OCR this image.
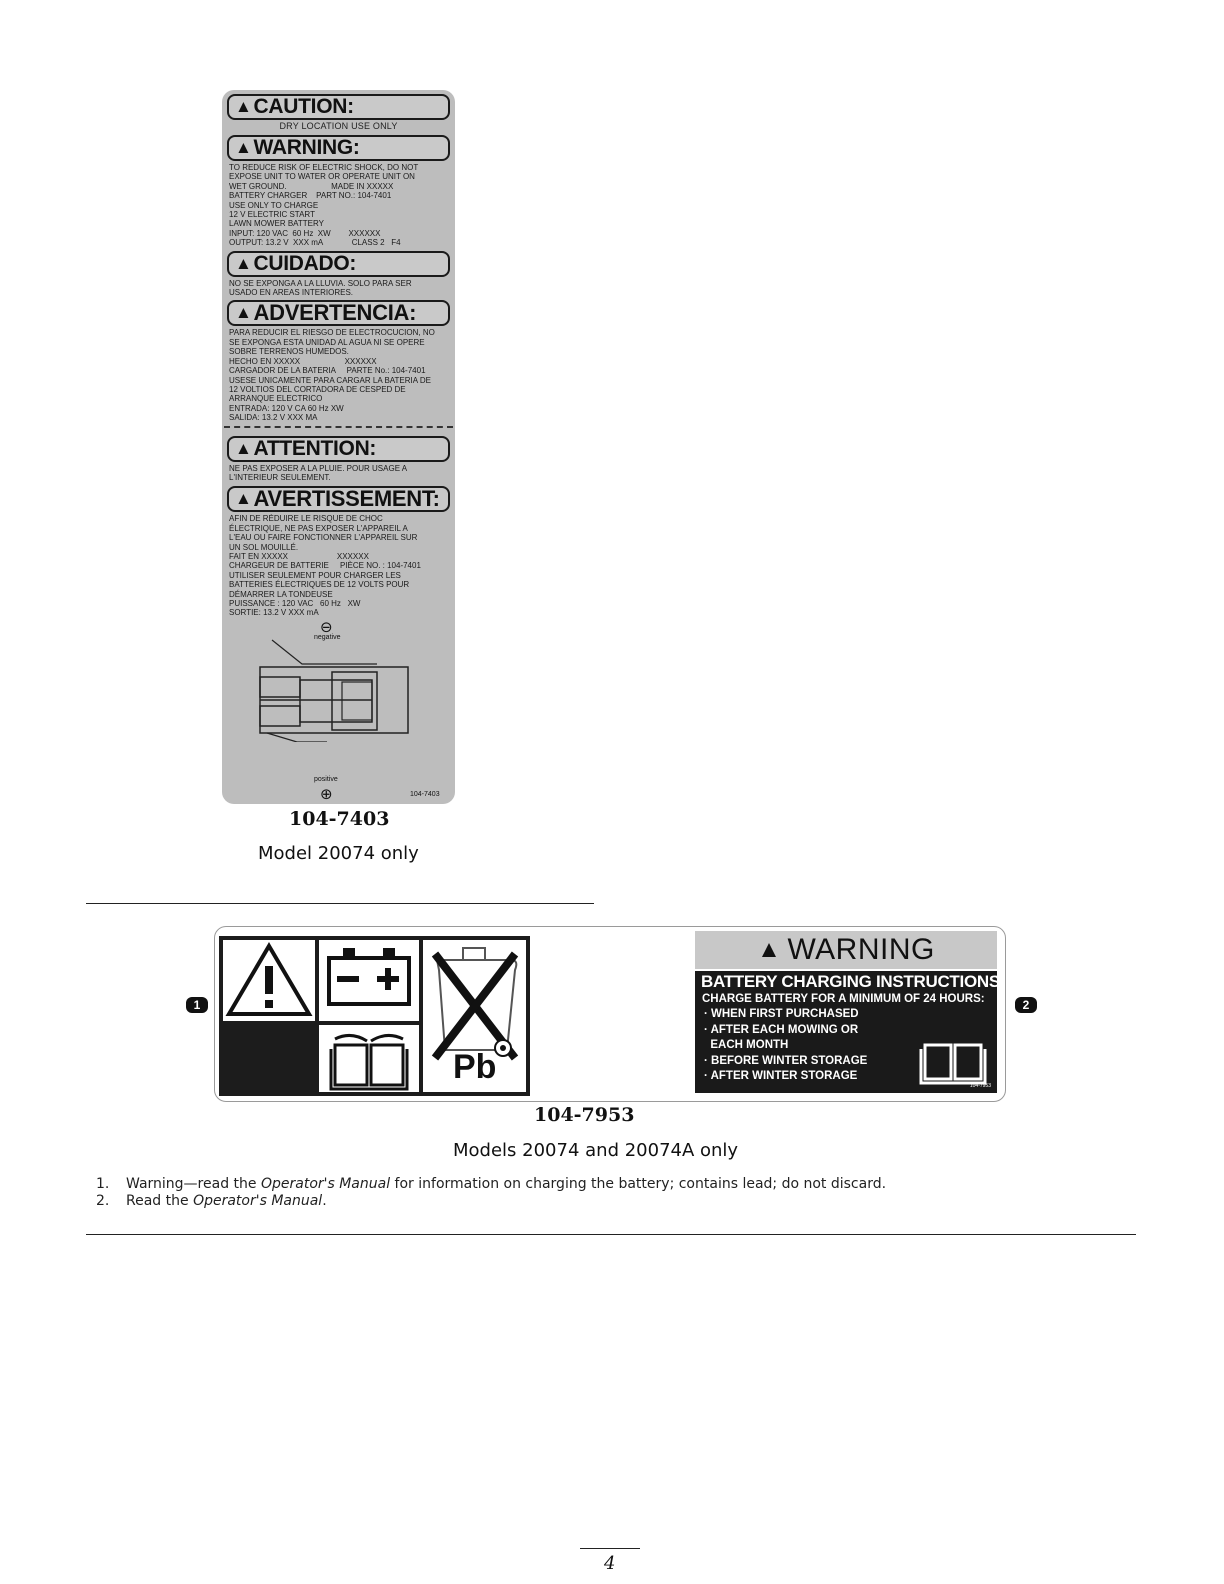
▲ CAUTION:
DRY LOCATION USE ONLY
▲ WARNING:
TO REDUCE RISK OF ELECTRIC SHOCK, DO NOT
EXPOSE UNIT TO WATER OR OPERATE UNIT ON
WET GROUND.                    MADE IN XXXXX
BATTERY CHARGER    PART NO.: 104-7401
USE ONLY TO CHARGE
12 V ELECTRIC START
LAWN MOWER BATTERY
INPUT: 120 VAC  60 Hz  XW        XXXXXX
OUTPUT: 13.2 V  XXX mA             CLASS 2   F4
▲ CUIDADO:
NO SE EXPONGA A LA LLUVIA. SOLO PARA SER
USADO EN AREAS INTERIORES.
▲ ADVERTENCIA:
PARA REDUCIR EL RIESGO DE ELECTROCUCION, NO
SE EXPONGA ESTA UNIDAD AL AGUA NI SE OPERE
SOBRE TERRENOS HUMEDOS.
HECHO EN XXXXX                    XXXXXX
CARGADOR DE LA BATERIA     PARTE No.: 104-7401
USESE UNICAMENTE PARA CARGAR LA BATERIA DE
12 VOLTIOS DEL CORTADORA DE CESPED DE
ARRANQUE ELECTRICO
ENTRADA: 120 V CA 60 Hz XW
SALIDA: 13.2 V XXX MA
▲ ATTENTION:
NE PAS EXPOSER A LA PLUIE. POUR USAGE A
L'INTERIEUR SEULEMENT.
▲ AVERTISSEMENT:
AFIN DE RÉDUIRE LE RISQUE DE CHOC
ÉLECTRIQUE, NE PAS EXPOSER L'APPAREIL A
L'EAU OU FAIRE FONCTIONNER L'APPAREIL SUR
UN SOL MOUILLÉ.
FAIT EN XXXXX                      XXXXXX
CHARGEUR DE BATTERIE     PIÈCE NO. : 104-7401
UTILISER SEULEMENT POUR CHARGER LES
BATTERIES ÉLECTRIQUES DE 12 VOLTS POUR
DÉMARRER LA TONDEUSE
PUISSANCE : 120 VAC   60 Hz   XW
SORTIE: 13.2 V XXX mA
⊖
negative
positive
⊕	104-7403
104-7403
Model 20074 only
1	2
Pb
▲ WARNING
BATTERY CHARGING INSTRUCTIONS
CHARGE BATTERY FOR A MINIMUM OF 24 HOURS:
· WHEN FIRST PURCHASED
· AFTER EACH MOWING OR
EACH MONTH
· BEFORE WINTER STORAGE
· AFTER WINTER STORAGE
104-7953
104-7953
Models 20074 and 20074A only
1. Warning—read the Operator's Manual for information on charging the battery; contains lead; do not discard.
2. Read the Operator's Manual.
4
